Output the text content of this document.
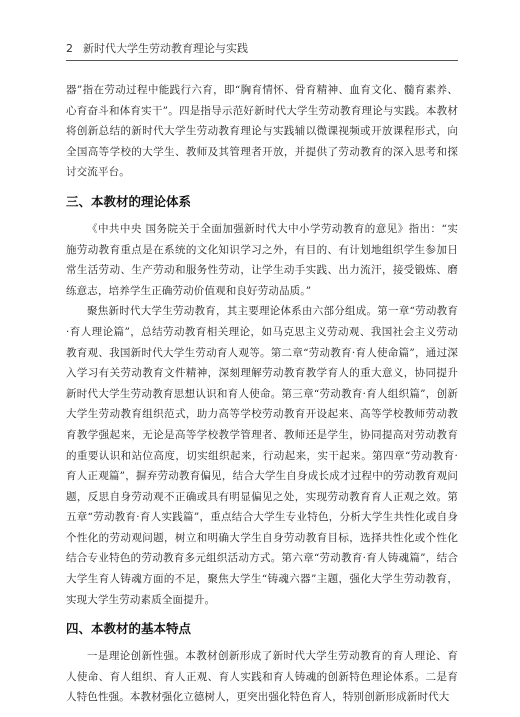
2 新时代大学生劳动教育理论与实践

器”指在劳动过程中能践行六育，即“胸育情怀、骨育精神、血育文化、髓育素养、心育奋斗和体育实干”。四是指导示范好新时代大学生劳动教育理论与实践。本教材将创新总结的新时代大学生劳动教育理论与实践辅以微课视频或开放课程形式，向全国高等学校的大学生、教师及其管理者开放，并提供了劳动教育的深入思考和探讨交流平台。

三、本教材的理论体系

《中共中央 国务院关于全面加强新时代大中小学劳动教育的意见》指出：“实施劳动教育重点是在系统的文化知识学习之外，有目的、有计划地组织学生参加日常生活劳动、生产劳动和服务性劳动，让学生动手实践、出力流汗，接受锻炼、磨练意志，培养学生正确劳动价值观和良好劳动品质。”

聚焦新时代大学生劳动教育，其主要理论体系由六部分组成。第一章“劳动教育·育人理论篇”，总结劳动教育相关理论，如马克思主义劳动观、我国社会主义劳动教育观、我国新时代大学生劳动育人观等。第二章“劳动教育·育人使命篇”，通过深入学习有关劳动教育文件精神，深刻理解劳动教育教学育人的重大意义，协同提升新时代大学生劳动教育思想认识和育人使命。第三章“劳动教育·育人组织篇”，创新大学生劳动教育组织范式，助力高等学校劳动教育开设起来、高等学校教师劳动教育教学强起来，无论是高等学校教学管理者、教师还是学生，协同提高对劳动教育的重要认识和站位高度，切实组织起来，行动起来，实干起来。第四章“劳动教育·育人正观篇”，摒弃劳动教育偏见，结合大学生自身成长成才过程中的劳动教育观问题，反思自身劳动观不正确或具有明显偏见之处，实现劳动教育育人正观之效。第五章“劳动教育·育人实践篇”，重点结合大学生专业特色，分析大学生共性化或自身个性化的劳动观问题，树立和明确大学生自身劳动教育目标，选择共性化或个性化结合专业特色的劳动教育多元组织活动方式。第六章“劳动教育·育人铸魂篇”，结合大学生育人铸魂方面的不足，聚焦大学生“铸魂六器”主题，强化大学生劳动教育，实现大学生劳动素质全面提升。

四、本教材的基本特点

一是理论创新性强。本教材创新形成了新时代大学生劳动教育的育人理论、育人使命、育人组织、育人正观、育人实践和育人铸魂的创新特色理论体系。二是育人特色性强。本教材强化立德树人，更突出强化特色育人，特别创新形成新时代大
